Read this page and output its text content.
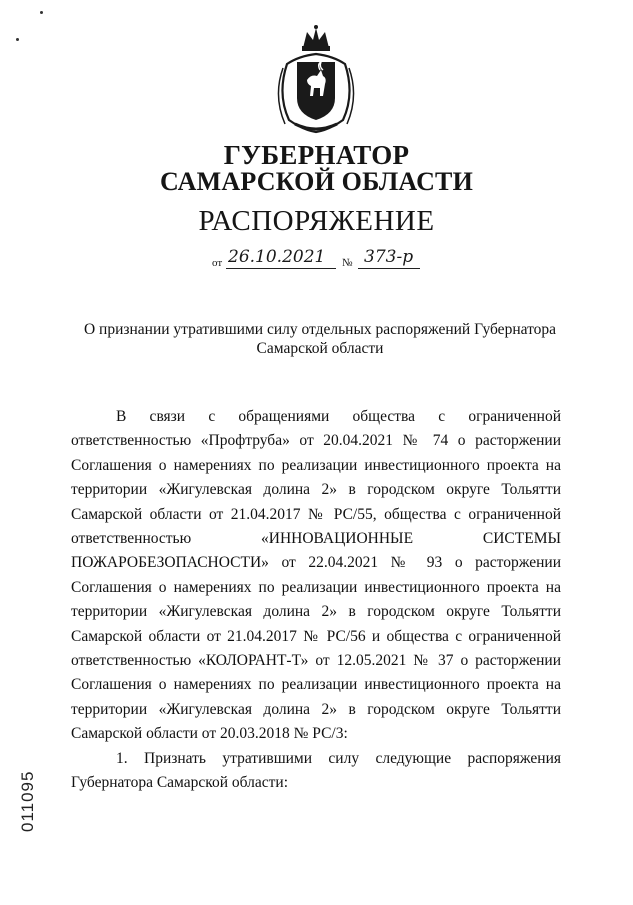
ГУБЕРНАТОР
САМАРСКОЙ ОБЛАСТИ
РАСПОРЯЖЕНИЕ
от 26.10.2021 № 373-р
О признании утратившими силу отдельных распоряжений Губернатора
Самарской области

В связи с обращениями общества с ограниченной ответственностью «Профтруба» от 20.04.2021 № 74 о расторжении Соглашения о намерениях по реализации инвестиционного проекта на территории «Жигулевская долина 2» в городском округе Тольятти Самарской области от 21.04.2017 № РС/55, общества с ограниченной ответственностью «ИННОВАЦИОННЫЕ СИСТЕМЫ ПОЖАРОБЕЗОПАСНОСТИ» от 22.04.2021 № 93 о расторжении Соглашения о намерениях по реализации инвестиционного проекта на территории «Жигулевская долина 2» в городском округе Тольятти Самарской области от 21.04.2017 № РС/56 и общества с ограниченной ответственностью «КОЛОРАНТ-Т» от 12.05.2021 № 37 о расторжении Соглашения о намерениях по реализации инвестиционного проекта на территории «Жигулевская долина 2» в городском округе Тольятти Самарской области от 20.03.2018 № РС/3:

1. Признать утратившими силу следующие распоряжения Губернатора Самарской области:

011095
